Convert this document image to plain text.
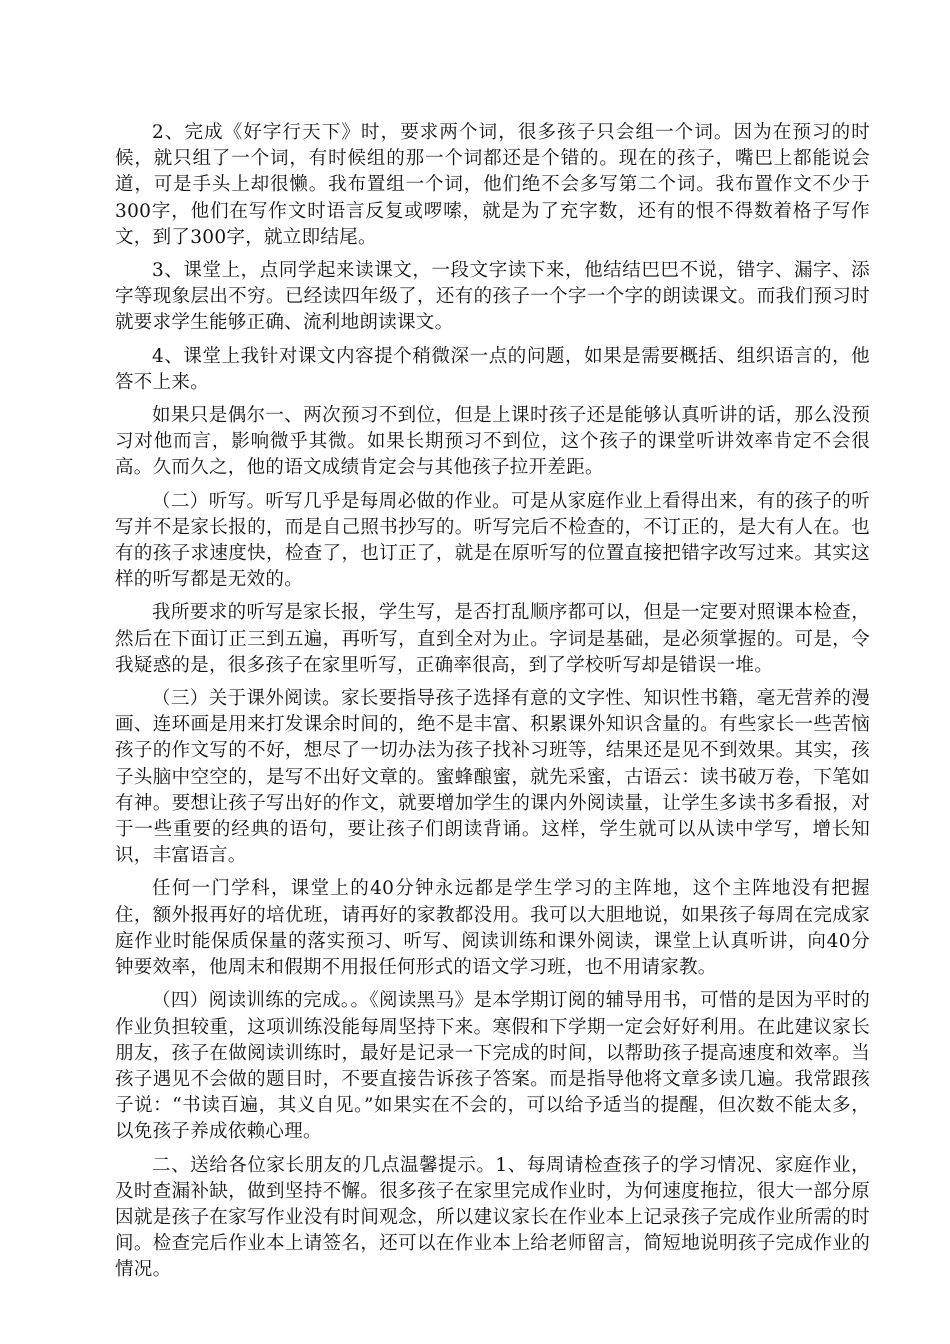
2、完成《好字行天下》时，要求两个词，很多孩子只会组一个词。因为在预习的时候，就只组了一个词，有时候组的那一个词都还是个错的。现在的孩子，嘴巴上都能说会道，可是手头上却很懒。我布置组一个词，他们绝不会多写第二个词。我布置作文不少于300字，他们在写作文时语言反复或啰嗦，就是为了充字数，还有的恨不得数着格子写作文，到了300字，就立即结尾。

3、课堂上，点同学起来读课文，一段文字读下来，他结结巴巴不说，错字、漏字、添字等现象层出不穷。已经读四年级了，还有的孩子一个字一个字的朗读课文。而我们预习时就要求学生能够正确、流利地朗读课文。

4、课堂上我针对课文内容提个稍微深一点的问题，如果是需要概括、组织语言的，他答不上来。

如果只是偶尔一、两次预习不到位，但是上课时孩子还是能够认真听讲的话，那么没预习对他而言，影响微乎其微。如果长期预习不到位，这个孩子的课堂听讲效率肯定不会很高。久而久之，他的语文成绩肯定会与其他孩子拉开差距。

（二）听写。听写几乎是每周必做的作业。可是从家庭作业上看得出来，有的孩子的听写并不是家长报的，而是自己照书抄写的。听写完后不检查的，不订正的，是大有人在。也有的孩子求速度快，检查了，也订正了，就是在原听写的位置直接把错字改写过来。其实这样的听写都是无效的。

我所要求的听写是家长报，学生写，是否打乱顺序都可以，但是一定要对照课本检查，然后在下面订正三到五遍，再听写，直到全对为止。字词是基础，是必须掌握的。可是，令我疑惑的是，很多孩子在家里听写，正确率很高，到了学校听写却是错误一堆。

（三）关于课外阅读。家长要指导孩子选择有意的文字性、知识性书籍，毫无营养的漫画、连环画是用来打发课余时间的，绝不是丰富、积累课外知识含量的。有些家长一些苦恼孩子的作文写的不好，想尽了一切办法为孩子找补习班等，结果还是见不到效果。其实，孩子头脑中空空的，是写不出好文章的。蜜蜂酿蜜，就先采蜜，古语云：读书破万卷，下笔如有神。要想让孩子写出好的作文，就要增加学生的课内外阅读量，让学生多读书多看报，对于一些重要的经典的语句，要让孩子们朗读背诵。这样，学生就可以从读中学写，增长知识，丰富语言。

任何一门学科，课堂上的40分钟永远都是学生学习的主阵地，这个主阵地没有把握住，额外报再好的培优班，请再好的家教都没用。我可以大胆地说，如果孩子每周在完成家庭作业时能保质保量的落实预习、听写、阅读训练和课外阅读，课堂上认真听讲，向40分钟要效率，他周末和假期不用报任何形式的语文学习班，也不用请家教。

（四）阅读训练的完成。。《阅读黑马》是本学期订阅的辅导用书，可惜的是因为平时的作业负担较重，这项训练没能每周坚持下来。寒假和下学期一定会好好利用。在此建议家长朋友，孩子在做阅读训练时，最好是记录一下完成的时间，以帮助孩子提高速度和效率。当孩子遇见不会做的题目时，不要直接告诉孩子答案。而是指导他将文章多读几遍。我常跟孩子说：“书读百遍，其义自见。”如果实在不会的，可以给予适当的提醒，但次数不能太多，以免孩子养成依赖心理。

二、送给各位家长朋友的几点温馨提示。1、每周请检查孩子的学习情况、家庭作业，及时查漏补缺，做到坚持不懈。很多孩子在家里完成作业时，为何速度拖拉，很大一部分原因就是孩子在家写作业没有时间观念，所以建议家长在作业本上记录孩子完成作业所需的时间。检查完后作业本上请签名，还可以在作业本上给老师留言，简短地说明孩子完成作业的情况。
